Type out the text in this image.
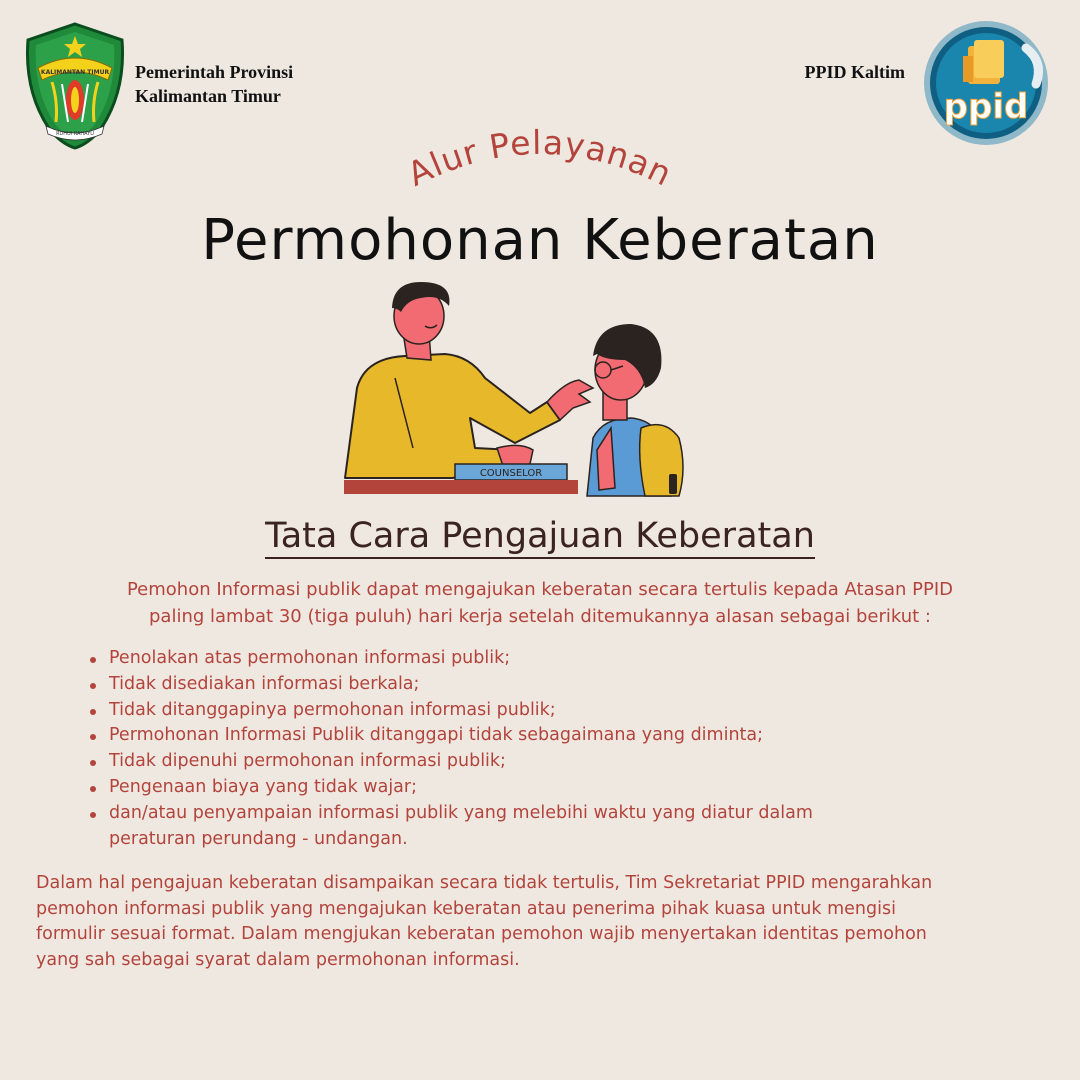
KALIMANTAN TIMUR
RUHUI RAHAYU
Pemerintah Provinsi
Kalimantan Timur
PPID Kaltim
ppid
Alur Pelayanan
Permohonan Keberatan
COUNSELOR
Tata Cara Pengajuan Keberatan
Pemohon Informasi publik dapat mengajukan keberatan secara tertulis kepada Atasan PPID
paling lambat 30 (tiga puluh) hari kerja setelah ditemukannya alasan sebagai berikut :
Penolakan atas permohonan informasi publik;
Tidak disediakan informasi berkala;
Tidak ditanggapinya permohonan informasi publik;
Permohonan Informasi Publik ditanggapi tidak sebagaimana yang diminta;
Tidak dipenuhi permohonan informasi publik;
Pengenaan biaya yang tidak wajar;
dan/atau penyampaian informasi publik yang melebihi waktu yang diatur dalam
peraturan perundang - undangan.
Dalam hal pengajuan keberatan disampaikan secara tidak tertulis, Tim Sekretariat PPID mengarahkan
pemohon informasi publik yang mengajukan keberatan atau penerima pihak kuasa untuk mengisi
formulir sesuai format. Dalam mengjukan keberatan pemohon wajib menyertakan identitas pemohon
yang sah sebagai syarat dalam permohonan informasi.
